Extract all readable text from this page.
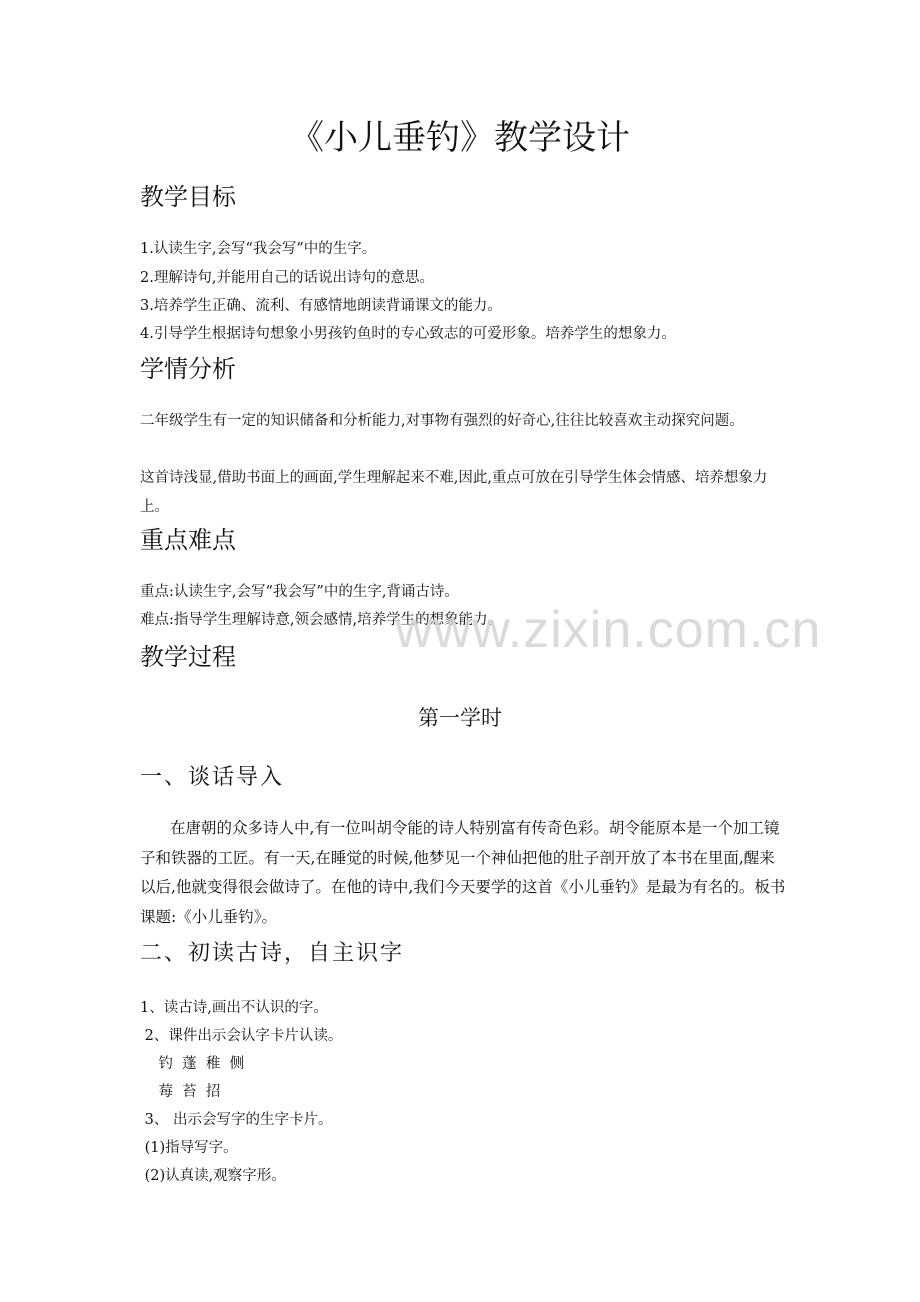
《小儿垂钓》教学设计
教学目标

1.认读生字,会写“我会写”中的生字。

2.理解诗句,并能用自己的话说出诗句的意思。

3.培养学生正确、流利、有感情地朗读背诵课文的能力。

4.引导学生根据诗句想象小男孩钓鱼时的专心致志的可爱形象。培养学生的想象力。

学情分析

二年级学生有一定的知识储备和分析能力,对事物有强烈的好奇心,往往比较喜欢主动探究问题。

这首诗浅显,借助书面上的画面,学生理解起来不难,因此,重点可放在引导学生体会情感、培养想象力上。

重点难点

重点:认读生字,会写“我会写”中的生字,背诵古诗。

难点:指导学生理解诗意,领会感情,培养学生的想象能力。

教学过程
第一学时
一、谈话导入

在唐朝的众多诗人中,有一位叫胡令能的诗人特别富有传奇色彩。胡令能原本是一个加工镜子和铁器的工匠。有一天,在睡觉的时候,他梦见一个神仙把他的肚子剖开放了本书在里面,醒来以后,他就变得很会做诗了。在他的诗中,我们今天要学的这首《小儿垂钓》是最为有名的。板书课题:《小儿垂钓》。

二、初读古诗，自主识字

1、读古诗,画出不认识的字。

2、课件出示会认字卡片认读。

钓  蓬  稚  侧

莓  苔  招

3、 出示会写字的生字卡片。

(1)指导写字。

(2)认真读,观察字形。

www.zixin.com.cn
